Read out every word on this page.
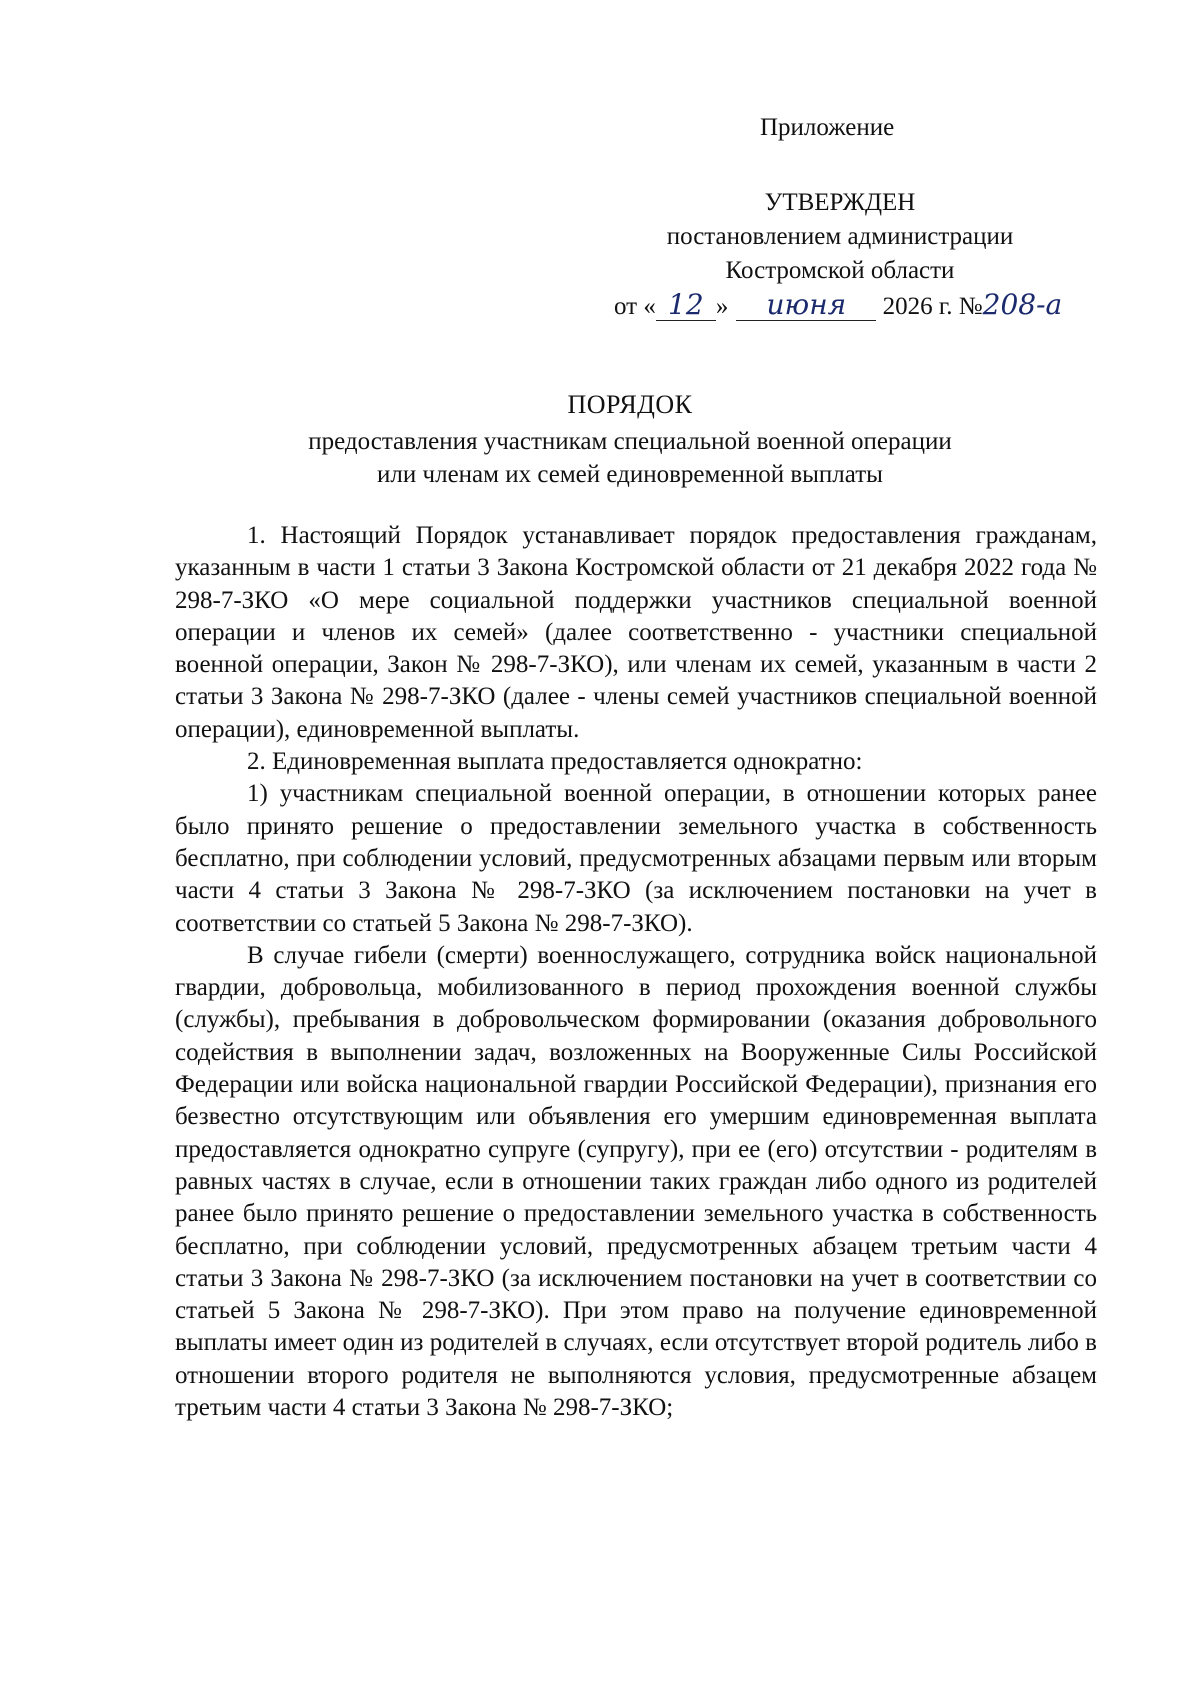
Приложение
УТВЕРЖДЕН
постановлением администрации
Костромской области
от « 12 » июня 2026 г. №208-а
ПОРЯДОК
предоставления участникам специальной военной операции
или членам их семей единовременной выплаты

1. Настоящий Порядок устанавливает порядок предоставления гражданам, указанным в части 1 статьи 3 Закона Костромской области от 21 декабря 2022 года № 298-7-ЗКО «О мере социальной поддержки участников специальной военной операции и членов их семей» (далее соответственно - участники специальной военной операции, Закон № 298-7-ЗКО), или членам их семей, указанным в части 2 статьи 3 Закона № 298-7-ЗКО (далее - члены семей участников специальной военной операции), единовременной выплаты.

2. Единовременная выплата предоставляется однократно:

1) участникам специальной военной операции, в отношении которых ранее было принято решение о предоставлении земельного участка в собственность бесплатно, при соблюдении условий, предусмотренных абзацами первым или вторым части 4 статьи 3 Закона № 298-7-ЗКО (за исключением постановки на учет в соответствии со статьей 5 Закона № 298-7-ЗКО).

В случае гибели (смерти) военнослужащего, сотрудника войск национальной гвардии, добровольца, мобилизованного в период прохождения военной службы (службы), пребывания в добровольческом формировании (оказания добровольного содействия в выполнении задач, возложенных на Вооруженные Силы Российской Федерации или войска национальной гвардии Российской Федерации), признания его безвестно отсутствующим или объявления его умершим единовременная выплата предоставляется однократно супруге (супругу), при ее (его) отсутствии - родителям в равных частях в случае, если в отношении таких граждан либо одного из родителей ранее было принято решение о предоставлении земельного участка в собственность бесплатно, при соблюдении условий, предусмотренных абзацем третьим части 4 статьи 3 Закона № 298-7-ЗКО (за исключением постановки на учет в соответствии со статьей 5 Закона № 298-7-ЗКО). При этом право на получение единовременной выплаты имеет один из родителей в случаях, если отсутствует второй родитель либо в отношении второго родителя не выполняются условия, предусмотренные абзацем третьим части 4 статьи 3 Закона № 298-7-ЗКО;
